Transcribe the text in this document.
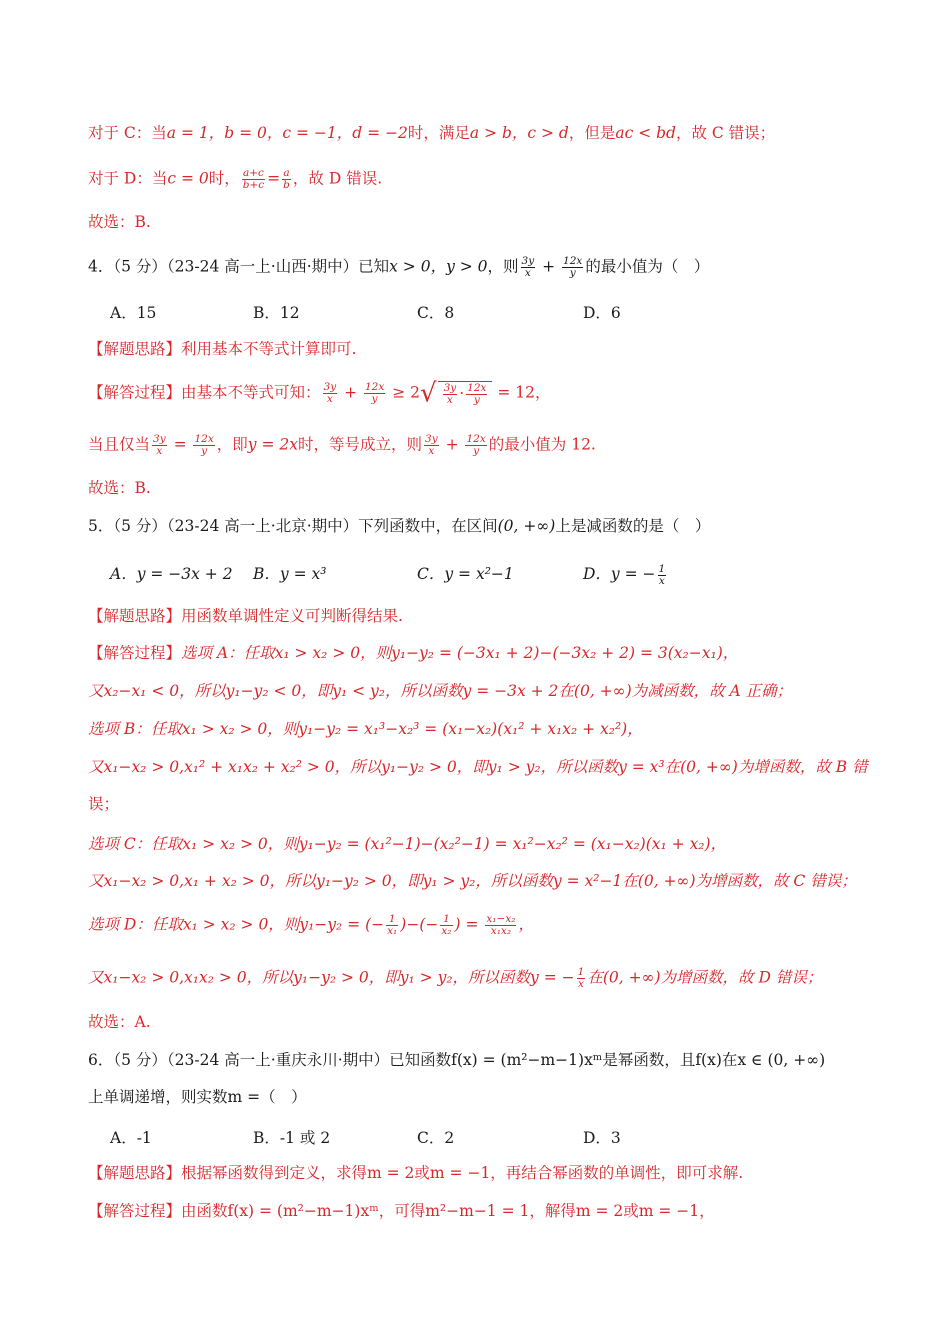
对于 C：当a = 1，b = 0，c = −1，d = −2时，满足a > b，c > d，但是ac < bd，故 C 错误；
对于 D：当c = 0时， $\frac{a+c}{b+c} = \frac{a}{b}$ ，故 D 错误.
故选：B.
4．（5 分）（23-24 高一上·山西·期中）已知x > 0，y > 0，则 $\frac{3y}{x} + \frac{12x}{y}$ 的最小值为（　）
A．15	B．12	C．8	D．6
【解题思路】利用基本不等式计算即可.
【解答过程】由基本不等式可知： $\frac{3y}{x} + \frac{12x}{y} \ge 2√ \frac{3y}{x} \cdot \frac{12x}{y} = 12$，
当且仅当 $\frac{3y}{x} = \frac{12x}{y}$ ，即y = 2x时，等号成立，则 $\frac{3y}{x} + \frac{12x}{y}$ 的最小值为 12.
故选：B.
5．（5 分）（23-24 高一上·北京·期中）下列函数中，在区间(0, +∞)上是减函数的是（　）
A．y = −3x + 2 B．y = x³	C．y = x²−1	D．y = − $\frac{1}{x}$
【解题思路】用函数单调性定义可判断得结果.
【解答过程】选项 A：任取x₁ > x₂ > 0，则y₁−y₂ = (−3x₁ + 2)−(−3x₂ + 2) = 3(x₂−x₁)，
又x₂−x₁ < 0，所以y₁−y₂ < 0，即y₁ < y₂，所以函数y = −3x + 2在(0, +∞)为减函数，故 A 正确；
选项 B：任取x₁ > x₂ > 0，则y₁−y₂ = x₁³−x₂³ = (x₁−x₂)(x₁² + x₁x₂ + x₂²)，
又x₁−x₂ > 0,x₁² + x₁x₂ + x₂² > 0，所以y₁−y₂ > 0，即y₁ > y₂，所以函数y = x³在(0, +∞)为增函数，故 B 错
误；
选项 C：任取x₁ > x₂ > 0，则y₁−y₂ = (x₁²−1)−(x₂²−1) = x₁²−x₂² = (x₁−x₂)(x₁ + x₂)，
又x₁−x₂ > 0,x₁ + x₂ > 0，所以y₁−y₂ > 0，即y₁ > y₂，所以函数y = x²−1在(0, +∞)为增函数，故 C 错误；
选项 D：任取x₁ > x₂ > 0，则y₁−y₂ = (− $\frac{1}{\text{x₁}}$ )−(− $\frac{1}{\text{x₂}}$ ) = $\frac{\text{x₁−x₂}}{\text{x₁x₂}}$ ，
又x₁−x₂ > 0,x₁x₂ > 0，所以y₁−y₂ > 0，即y₁ > y₂，所以函数y = − $\frac{1}{x}$ 在(0, +∞)为增函数，故 D 错误；
故选：A.
6．（5 分）（23-24 高一上·重庆永川·期中）已知函数f(x) = (m²−m−1)xᵐ是幂函数，且f(x)在x ∈ (0, +∞)
上单调递增，则实数m =（　）
A．-1	B．-1 或 2	C．2	D．3
【解题思路】根据幂函数得到定义，求得m = 2或m = −1，再结合幂函数的单调性，即可求解.
【解答过程】由函数f(x) = (m²−m−1)xᵐ，可得m²−m−1 = 1，解得m = 2或m = −1，
